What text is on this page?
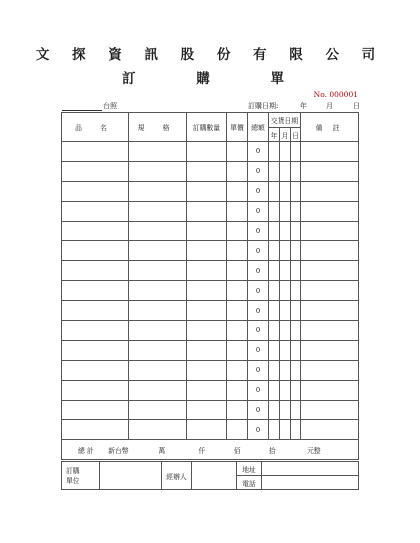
文 探 資 訊 股 份 有 限 公 司
訂 購 單
No. 000001
台照	訂購日期:	年	月	日
品 名	規 格	訂購數量	單價	總額	交貨日期			備 註
					年	月	日	
				0				
				0				
				0				
				0				
				0				
				0				
				0				
				0				
				0				
				0				
				0				
				0				
				0				
				0				
				0				
總 計 新台幣 萬 仟 佰 拾 元整								
訂購
單位		經辦人		地址	
				電話	
